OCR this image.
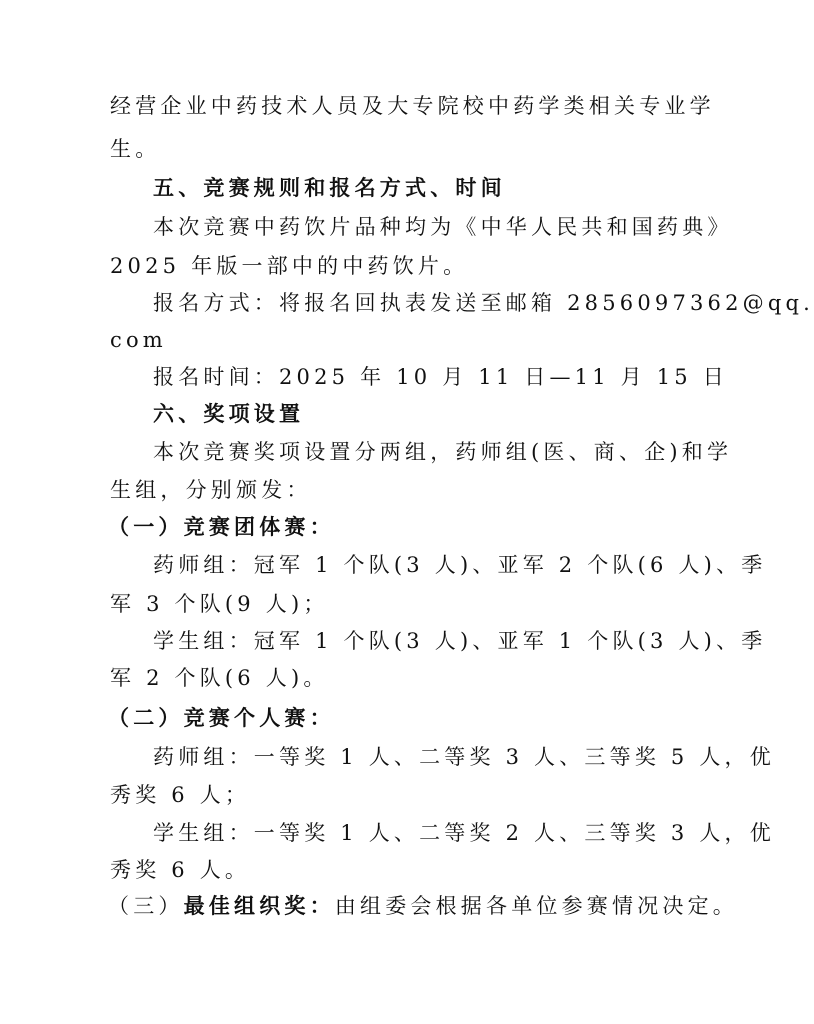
经营企业中药技术人员及大专院校中药学类相关专业学
生。
五、竞赛规则和报名方式、时间
本次竞赛中药饮片品种均为《中华人民共和国药典》
2025 年版一部中的中药饮片。
报名方式：将报名回执表发送至邮箱 2856097362@qq.
com
报名时间：2025 年 10 月 11 日—11 月 15 日
六、奖项设置
本次竞赛奖项设置分两组，药师组(医、商、企)和学
生组，分别颁发：
（一）竞赛团体赛：
药师组：冠军 1 个队(3 人)、亚军 2 个队(6 人)、季
军 3 个队(9 人)；
学生组：冠军 1 个队(3 人)、亚军 1 个队(3 人)、季
军 2 个队(6 人)。
（二）竞赛个人赛：
药师组：一等奖 1 人、二等奖 3 人、三等奖 5 人，优
秀奖 6 人；
学生组：一等奖 1 人、二等奖 2 人、三等奖 3 人，优
秀奖 6 人。
（三）最佳组织奖：由组委会根据各单位参赛情况决定。
